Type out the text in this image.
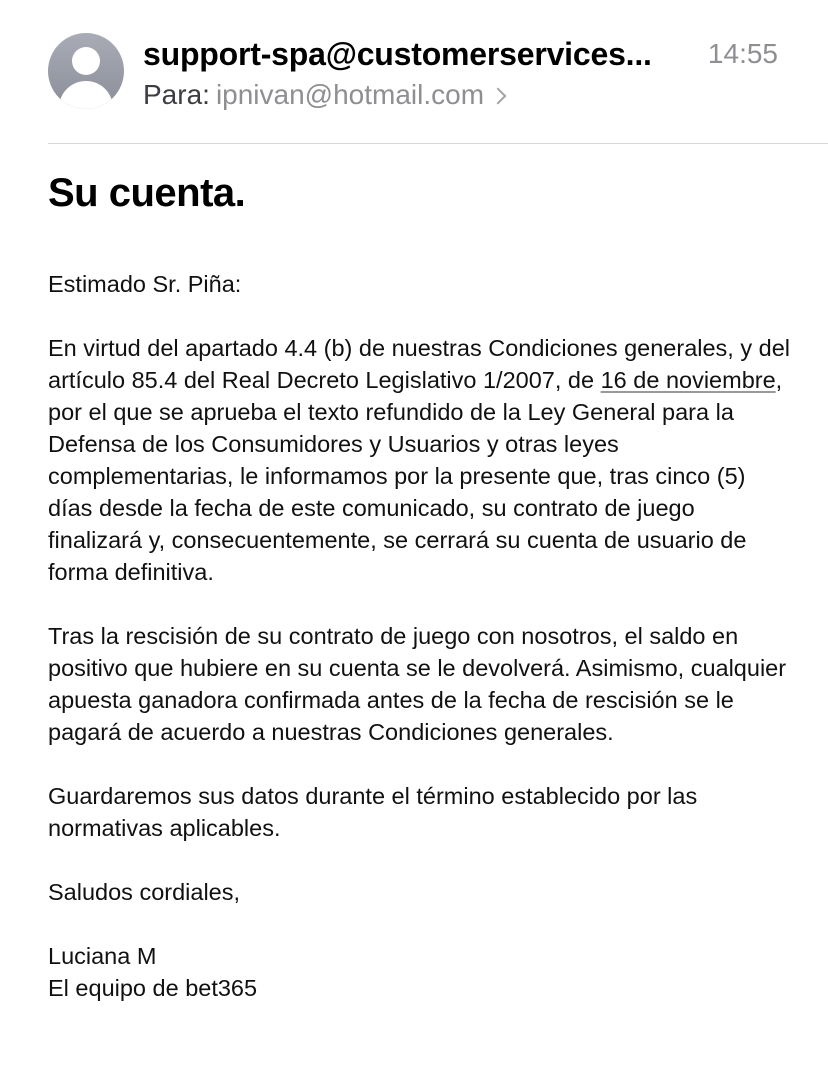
support-spa@customerservices...	14:55
Para: ipnivan@hotmail.com
Su cuenta.

Estimado Sr. Piña:

En virtud del apartado 4.4 (b) de nuestras Condiciones generales, y del artículo 85.4 del Real Decreto Legislativo 1/2007, de 16 de noviembre, por el que se aprueba el texto refundido de la Ley General para la Defensa de los Consumidores y Usuarios y otras leyes complementarias, le informamos por la presente que, tras cinco (5) días desde la fecha de este comunicado, su contrato de juego finalizará y, consecuentemente, se cerrará su cuenta de usuario de forma definitiva.

Tras la rescisión de su contrato de juego con nosotros, el saldo en positivo que hubiere en su cuenta se le devolverá. Asimismo, cualquier apuesta ganadora confirmada antes de la fecha de rescisión se le pagará de acuerdo a nuestras Condiciones generales.

Guardaremos sus datos durante el término establecido por las normativas aplicables.

Saludos cordiales,

Luciana M

El equipo de bet365
